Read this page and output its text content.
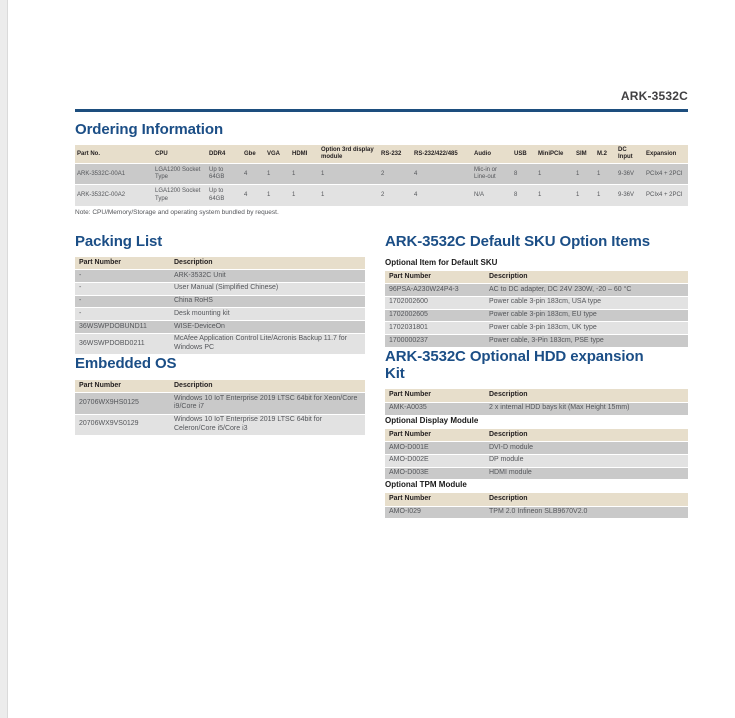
ARK-3532C
Ordering Information
Part No.	CPU	DDR4	Gbe	VGA	HDMI	Option 3rd display module	RS-232	RS-232/422/485	Audio	USB	MiniPCIe	SIM	M.2	DC Input	Expansion
ARK-3532C-00A1	LGA1200 Socket Type	Up to 64GB	4	1	1	1	2	4	Mic-in or Line-out	8	1	1	1	9-36V	PCIx4 + 2PCI
ARK-3532C-00A2	LGA1200 Socket Type	Up to 64GB	4	1	1	1	2	4	N/A	8	1	1	1	9-36V	PCIx4 + 2PCI
Note: CPU/Memory/Storage and operating system bundled by request.
Packing List
Part Number	Description
-	ARK-3532C Unit
-	User Manual (Simplified Chinese)
-	China RoHS
-	Desk mounting kit
36WSWPDOBUND11	WISE-DeviceOn
36WSWPDOBD0211	McAfee Application Control Lite/Acronis Backup 11.7 for Windows PC
Embedded OS
Part Number	Description
20706WX9HS0125	Windows 10 IoT Enterprise 2019 LTSC 64bit for Xeon/Core i9/Core i7
20706WX9VS0129	Windows 10 IoT Enterprise 2019 LTSC 64bit for Celeron/Core i5/Core i3
ARK-3532C Default SKU Option Items
Optional Item for Default SKU
Part Number	Description
96PSA-A230W24P4-3	AC to DC adapter, DC 24V 230W, -20 – 60 °C
1702002600	Power cable 3-pin 183cm, USA type
1702002605	Power cable 3-pin 183cm, EU type
1702031801	Power cable 3-pin 183cm, UK type
1700000237	Power cable, 3-Pin 183cm, PSE type
ARK-3532C Optional HDD expansion Kit
Part Number	Description
AMK-A0035	2 x internal HDD bays kit (Max Height 15mm)
Optional Display Module
Part Number	Description
AMO-D001E	DVI-D module
AMO-D002E	DP module
AMO-D003E	HDMI module
Optional TPM Module
Part Number	Description
AMO-I029	TPM 2.0 Infineon SLB9670V2.0
